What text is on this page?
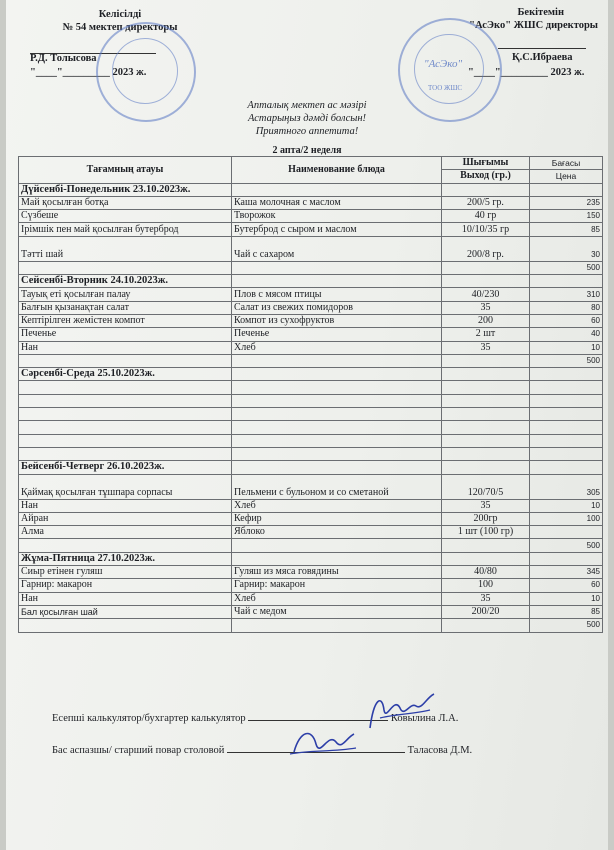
Келісілді
№ 54 мектеп директоры
Р.Д. Толысова
"____"_________ 2023 ж.
Бекітемін
"АсЭко" ЖШС директоры
Қ.С.Ибраева
"____"_________ 2023 ж.
"АсЭко"
ТОО ЖШС
Апталық мектеп ас мәзірі
Астарыңыз дәмді болсын!
Приятного аппетита!
2 апта/2 неделя
Тағамның атауы	Наименование блюда	Шығымы	Бағасы
		Выход (гр.)	Цена
Дүйсенбі-Понедельник 23.10.2023ж.			
Май қосылған ботқа	Каша молочная с маслом	200/5 гр.	235
Сүзбеше	Творожок	40 гр	150
Ірімшік пен май қосылған бутерброд	Бутерброд с сыром и маслом	10/10/35 гр	85
Тәтті шай	Чай с сахаром	200/8 гр.	30
			500
Сейсенбі-Вторник 24.10.2023ж.			
Тауық еті қосылған палау	Плов с мясом птицы	40/230	310
Балғын қызанақтан салат	Салат из свежих помидоров	35	80
Кептірілген жемістен компот	Компот из сухофруктов	200	60
Печенье	Печенье	2 шт	40
Нан	Хлеб	35	10
			500
Сәрсенбі-Среда 25.10.2023ж.			

Бейсенбі-Четверг 26.10.2023ж.			
Қаймақ қосылған тұшпара сорпасы	Пельмени с бульоном и со сметаной	120/70/5	305
Нан	Хлеб	35	10
Айран	Кефир	200гр	100
Алма	Яблоко	1 шт (100 гр)	
			500
Жұма-Пятница 27.10.2023ж.			
Сиыр етінен гуляш	Гуляш из мяса говядины	40/80	345
Гарнир: макарон	Гарнир: макарон	100	60
Нан	Хлеб	35	10
Бал қосылған шай	Чай с медом	200/20	85
			500
Есепші калькулятор/бухгартер калькулятор	Ковылина Л.А.
Бас аспазшы/ старший повар столовой	Таласова Д.М.
